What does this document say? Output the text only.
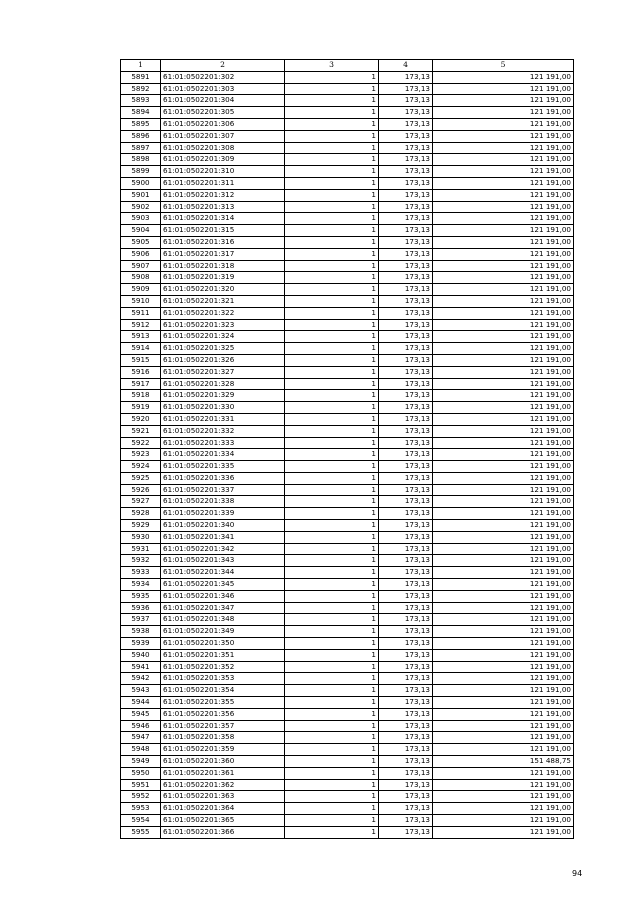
1	2	3	4	5
5891	61:01:0502201:302	1	173,13	121 191,00
5892	61:01:0502201:303	1	173,13	121 191,00
5893	61:01:0502201:304	1	173,13	121 191,00
5894	61:01:0502201:305	1	173,13	121 191,00
5895	61:01:0502201:306	1	173,13	121 191,00
5896	61:01:0502201:307	1	173,13	121 191,00
5897	61:01:0502201:308	1	173,13	121 191,00
5898	61:01:0502201:309	1	173,13	121 191,00
5899	61:01:0502201:310	1	173,13	121 191,00
5900	61:01:0502201:311	1	173,13	121 191,00
5901	61:01:0502201:312	1	173,13	121 191,00
5902	61:01:0502201:313	1	173,13	121 191,00
5903	61:01:0502201:314	1	173,13	121 191,00
5904	61:01:0502201:315	1	173,13	121 191,00
5905	61:01:0502201:316	1	173,13	121 191,00
5906	61:01:0502201:317	1	173,13	121 191,00
5907	61:01:0502201:318	1	173,13	121 191,00
5908	61:01:0502201:319	1	173,13	121 191,00
5909	61:01:0502201:320	1	173,13	121 191,00
5910	61:01:0502201:321	1	173,13	121 191,00
5911	61:01:0502201:322	1	173,13	121 191,00
5912	61:01:0502201:323	1	173,13	121 191,00
5913	61:01:0502201:324	1	173,13	121 191,00
5914	61:01:0502201:325	1	173,13	121 191,00
5915	61:01:0502201:326	1	173,13	121 191,00
5916	61:01:0502201:327	1	173,13	121 191,00
5917	61:01:0502201:328	1	173,13	121 191,00
5918	61:01:0502201:329	1	173,13	121 191,00
5919	61:01:0502201:330	1	173,13	121 191,00
5920	61:01:0502201:331	1	173,13	121 191,00
5921	61:01:0502201:332	1	173,13	121 191,00
5922	61:01:0502201:333	1	173,13	121 191,00
5923	61:01:0502201:334	1	173,13	121 191,00
5924	61:01:0502201:335	1	173,13	121 191,00
5925	61:01:0502201:336	1	173,13	121 191,00
5926	61:01:0502201:337	1	173,13	121 191,00
5927	61:01:0502201:338	1	173,13	121 191,00
5928	61:01:0502201:339	1	173,13	121 191,00
5929	61:01:0502201:340	1	173,13	121 191,00
5930	61:01:0502201:341	1	173,13	121 191,00
5931	61:01:0502201:342	1	173,13	121 191,00
5932	61:01:0502201:343	1	173,13	121 191,00
5933	61:01:0502201:344	1	173,13	121 191,00
5934	61:01:0502201:345	1	173,13	121 191,00
5935	61:01:0502201:346	1	173,13	121 191,00
5936	61:01:0502201:347	1	173,13	121 191,00
5937	61:01:0502201:348	1	173,13	121 191,00
5938	61:01:0502201:349	1	173,13	121 191,00
5939	61:01:0502201:350	1	173,13	121 191,00
5940	61:01:0502201:351	1	173,13	121 191,00
5941	61:01:0502201:352	1	173,13	121 191,00
5942	61:01:0502201:353	1	173,13	121 191,00
5943	61:01:0502201:354	1	173,13	121 191,00
5944	61:01:0502201:355	1	173,13	121 191,00
5945	61:01:0502201:356	1	173,13	121 191,00
5946	61:01:0502201:357	1	173,13	121 191,00
5947	61:01:0502201:358	1	173,13	121 191,00
5948	61:01:0502201:359	1	173,13	121 191,00
5949	61:01:0502201:360	1	173,13	151 488,75
5950	61:01:0502201:361	1	173,13	121 191,00
5951	61:01:0502201:362	1	173,13	121 191,00
5952	61:01:0502201:363	1	173,13	121 191,00
5953	61:01:0502201:364	1	173,13	121 191,00
5954	61:01:0502201:365	1	173,13	121 191,00
5955	61:01:0502201:366	1	173,13	121 191,00
94
